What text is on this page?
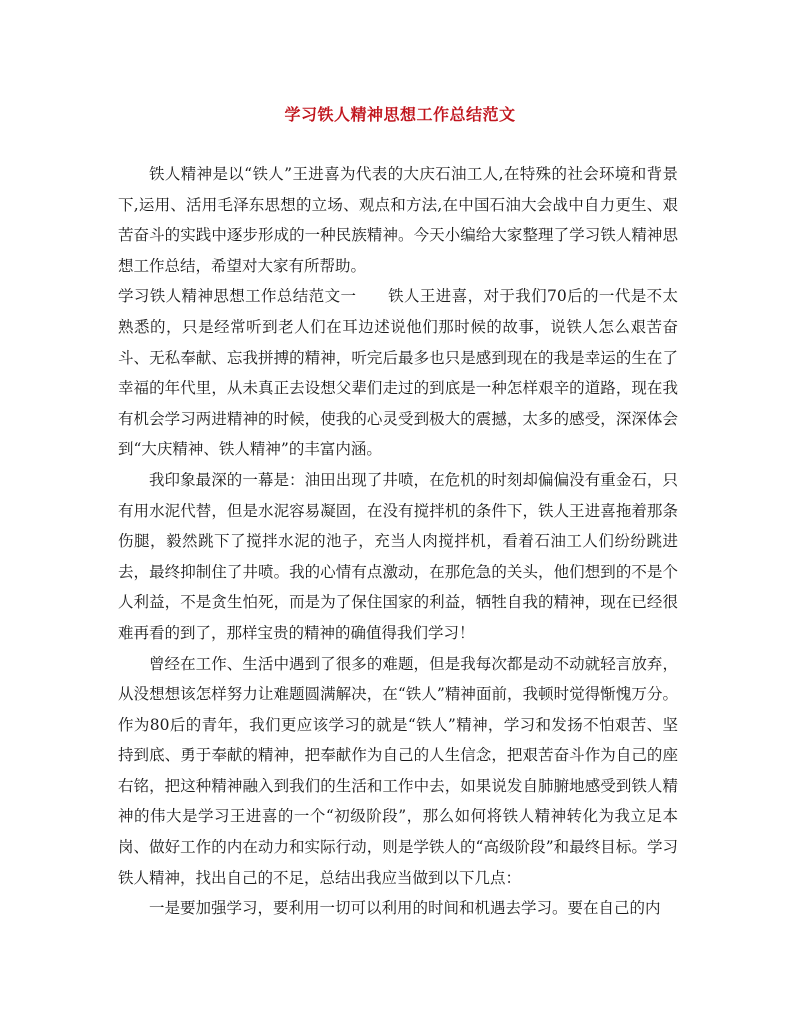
学习铁人精神思想工作总结范文

铁人精神是以“铁人”王进喜为代表的大庆石油工人,在特殊的社会环境和背景下,运用、活用毛泽东思想的立场、观点和方法,在中国石油大会战中自力更生、艰苦奋斗的实践中逐步形成的一种民族精神。今天小编给大家整理了学习铁人精神思想工作总结，希望对大家有所帮助。

学习铁人精神思想工作总结范文一　　铁人王进喜，对于我们70后的一代是不太熟悉的，只是经常听到老人们在耳边述说他们那时候的故事，说铁人怎么艰苦奋斗、无私奉献、忘我拼搏的精神，听完后最多也只是感到现在的我是幸运的生在了幸福的年代里，从未真正去设想父辈们走过的到底是一种怎样艰辛的道路，现在我有机会学习两进精神的时候，使我的心灵受到极大的震撼，太多的感受，深深体会到“大庆精神、铁人精神”的丰富内涵。

我印象最深的一幕是：油田出现了井喷，在危机的时刻却偏偏没有重金石，只有用水泥代替，但是水泥容易凝固，在没有搅拌机的条件下，铁人王进喜拖着那条伤腿，毅然跳下了搅拌水泥的池子，充当人肉搅拌机，看着石油工人们纷纷跳进去，最终抑制住了井喷。我的心情有点激动，在那危急的关头，他们想到的不是个人利益，不是贪生怕死，而是为了保住国家的利益，牺牲自我的精神，现在已经很难再看的到了，那样宝贵的精神的确值得我们学习！

曾经在工作、生活中遇到了很多的难题，但是我每次都是动不动就轻言放弃，从没想想该怎样努力让难题圆满解决，在“铁人”精神面前，我顿时觉得惭愧万分。作为80后的青年，我们更应该学习的就是“铁人”精神，学习和发扬不怕艰苦、坚持到底、勇于奉献的精神，把奉献作为自己的人生信念，把艰苦奋斗作为自己的座右铭，把这种精神融入到我们的生活和工作中去，如果说发自肺腑地感受到铁人精神的伟大是学习王进喜的一个“初级阶段”，那么如何将铁人精神转化为我立足本岗、做好工作的内在动力和实际行动，则是学铁人的“高级阶段”和最终目标。学习铁人精神，找出自己的不足，总结出我应当做到以下几点：

一是要加强学习，要利用一切可以利用的时间和机遇去学习。要在自己的内
